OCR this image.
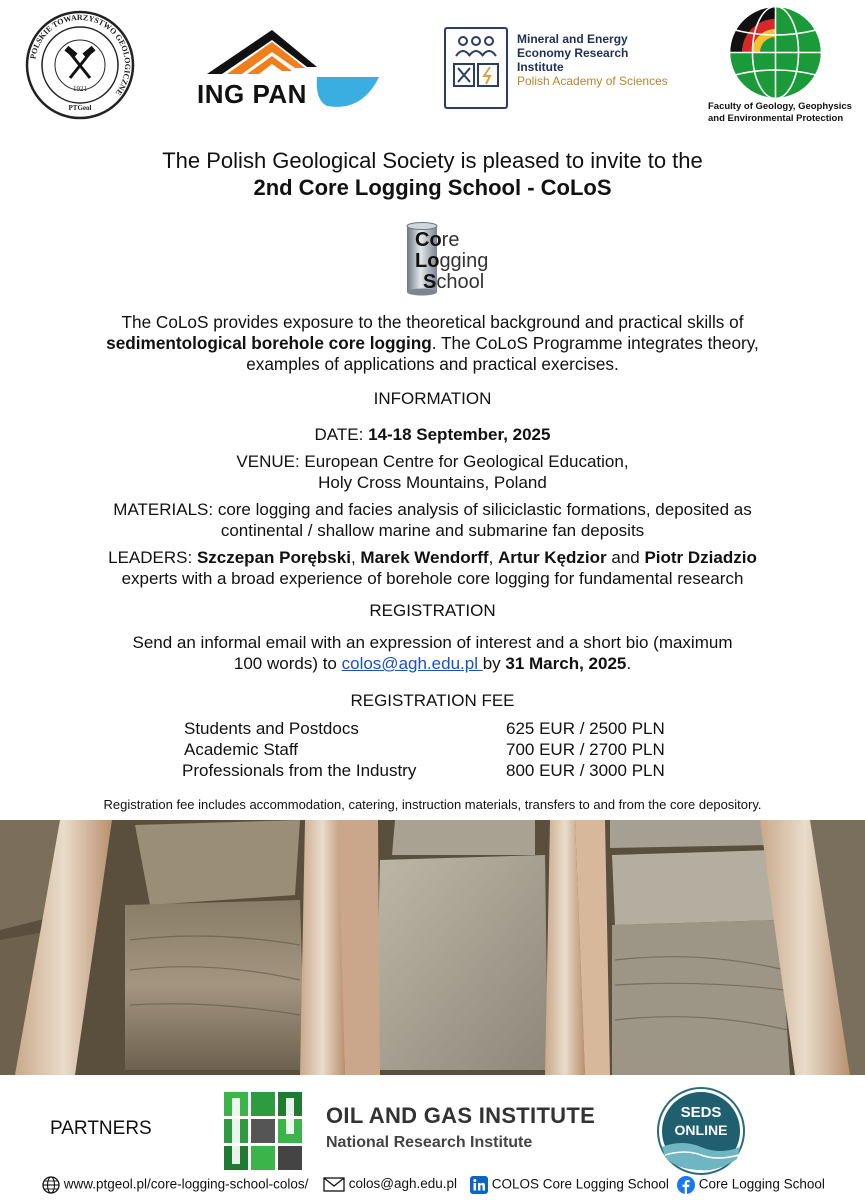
POLSKIE TOWARZYSTWO GEOLOGICZNE
1921
PTGeol	ING PAN
Mineral and Energy
Economy Research
Institute
Polish Academy of Sciences
Faculty of Geology, Geophysics
and Environmental Protection
The Polish Geological Society is pleased to invite to the
2nd Core Logging School - CoLoS
Core
Logging
School
The CoLoS provides exposure to the theoretical background and practical skills of
sedimentological borehole core logging. The CoLoS Programme integrates theory,
examples of applications and practical exercises.
INFORMATION
DATE: 14-18 September, 2025
VENUE: European Centre for Geological Education,
Holy Cross Mountains, Poland
MATERIALS: core logging and facies analysis of siliciclastic formations, deposited as
continental / shallow marine and submarine fan deposits
LEADERS: Szczepan Porębski, Marek Wendorff, Artur Kędzior and Piotr Dziadzio
experts with a broad experience of borehole core logging for fundamental research
REGISTRATION
Send an informal email with an expression of interest and a short bio (maximum
100 words) to colos@agh.edu.pl by 31 March, 2025.
REGISTRATION FEE
Students and Postdocs	625 EUR / 2500 PLN
Academic Staff	700 EUR / 2700 PLN
Professionals from the Industry	800 EUR / 3000 PLN
Registration fee includes accommodation, catering, instruction materials, transfers to and from the core depository.
PARTNERS
OIL AND GAS INSTITUTE
National Research Institute
SEDS
ONLINE
www.ptgeol.pl/core-logging-school-colos/	colos@agh.edu.pl	COLOS Core Logging School	Core Logging School
